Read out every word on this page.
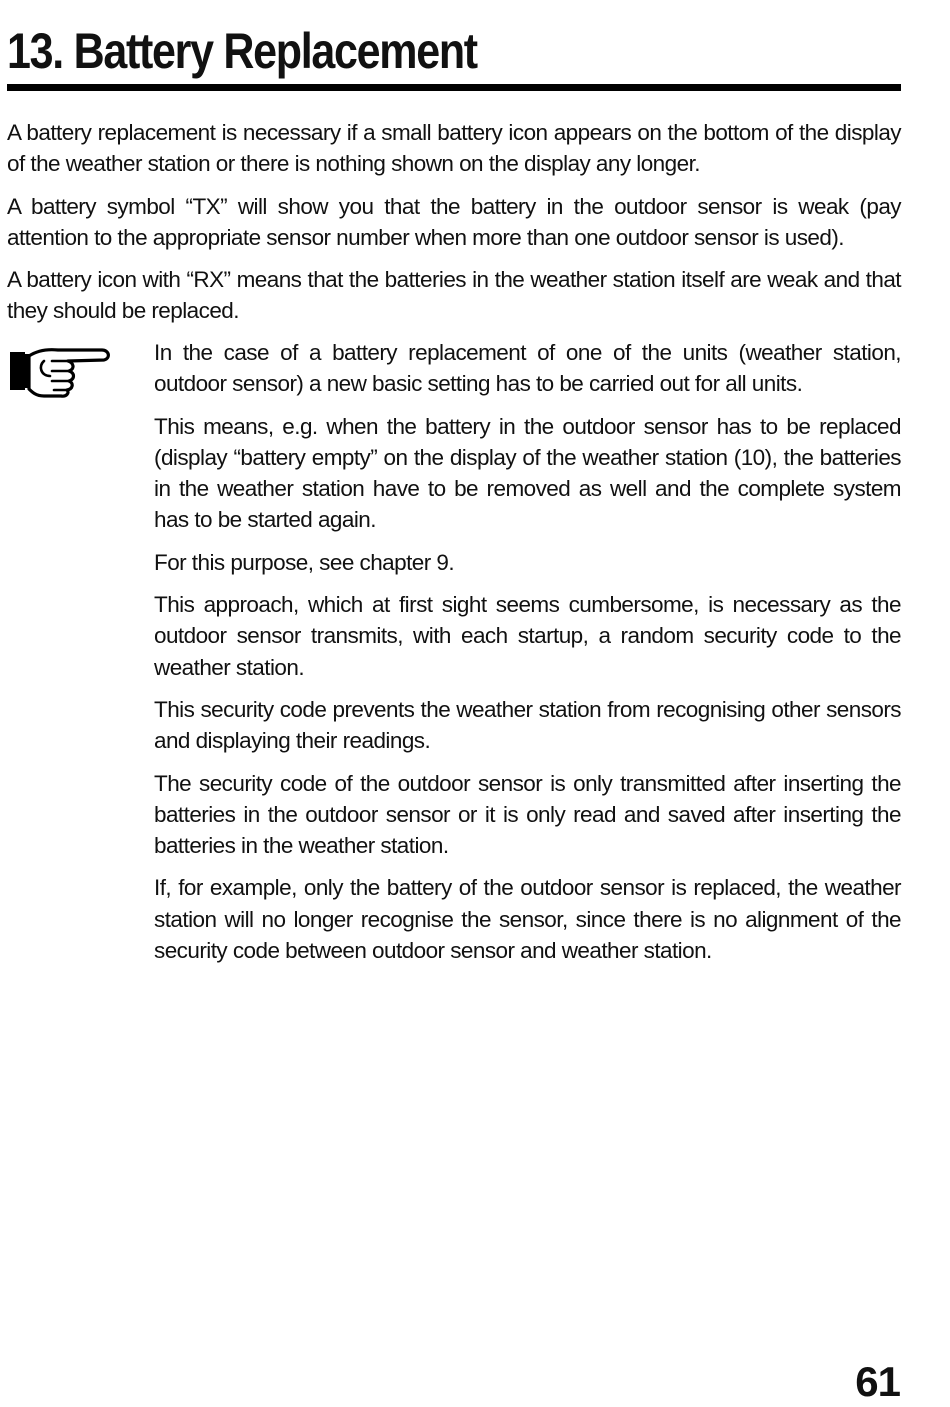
13. Battery Replacement

A battery replacement is necessary if a small battery icon appears on the bottom of the display of the weather station or there is nothing shown on the display any longer.

A battery symbol “TX” will show you that the battery in the outdoor sensor is weak (pay attention to the appropriate sensor number when more than one outdoor sensor is used).

A battery icon with “RX” means that the batteries in the weather station itself are weak and that they should be replaced.

In the case of a battery replacement of one of the units (weather station, outdoor sensor) a new basic setting has to be carried out for all units.

This means, e.g. when the battery in the outdoor sensor has to be replaced (display “battery empty” on the display of the weather station (10), the batteries in the weather station have to be removed as well and the complete system has to be started again.

For this purpose, see chapter 9.

This approach, which at first sight seems cumbersome, is necessary as the outdoor sensor transmits, with each startup, a random security code to the weather station.

This security code prevents the weather station from recognising other sensors and displaying their readings.

The security code of the outdoor sensor is only transmitted after inserting the batteries in the outdoor sensor or it is only read and saved after inserting the batteries in the weather station.

If, for example, only the battery of the outdoor sensor is replaced, the weather station will no longer recognise the sensor, since there is no alignment of the security code between outdoor sensor and weather station.

61
